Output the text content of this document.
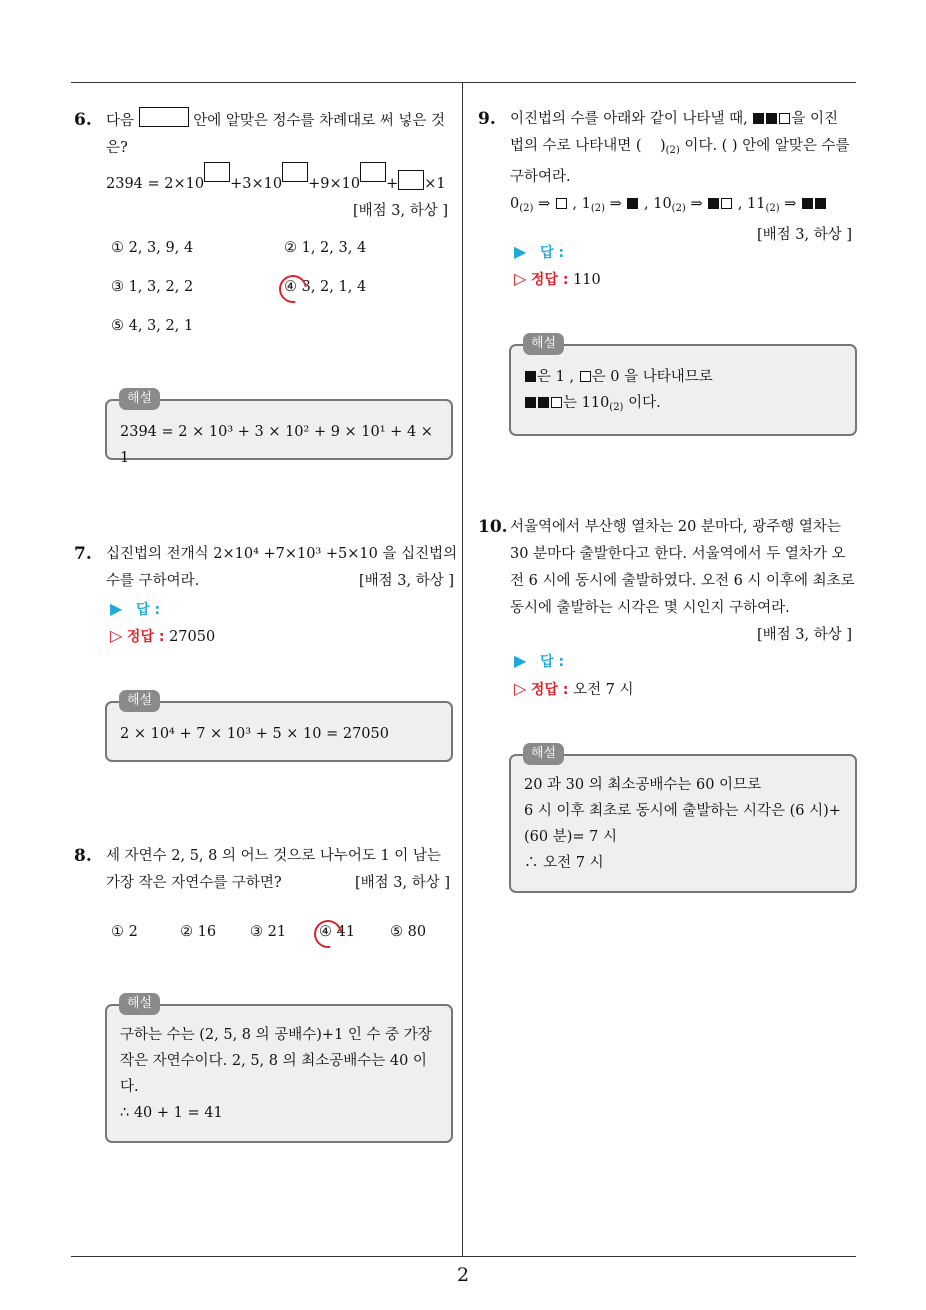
2
6. 다음	안에 알맞은 정수를 차례대로 써 넣은 것
은?
2394 = 2×10 +3×10 +9×10 + ×1
[배점 3, 하상 ]
① 2, 3, 9, 4	② 1, 2, 3, 4
③ 1, 3, 2, 2	④ 3, 2, 1, 4
⑤ 4, 3, 2, 1
2394 = 2 × 10³ + 3 × 10² + 9 × 10¹ + 4 × 1
해설
7. 십진법의 전개식 2×10⁴ +7×10³ +5×10 을 십진법의
수를 구하여라.	[배점 3, 하상 ]
▶ 답 :
▷ 정답 : 27050
2 × 10⁴ + 7 × 10³ + 5 × 10 = 27050
해설
8. 세 자연수 2, 5, 8 의 어느 것으로 나누어도 1 이 남는
가장 작은 자연수를 구하면?	[배점 3, 하상 ]
① 2	② 16 ③ 21 ④ 41 ⑤ 80
구하는 수는 (2, 5, 8 의 공배수)+1 인 수 중 가장
작은 자연수이다. 2, 5, 8 의 최소공배수는 40 이
다.
∴ 40 + 1 = 41
해설
9. 이진법의 수를 아래와 같이 나타낼 때,	을 이진
법의 수로 나타내면 ( )$_{(2)}$ 이다. ( ) 안에 알맞은 수를
구하여라.
$0_{(2)}$ ⇒  , $1_{(2)}$ ⇒  , $10_{(2)}$ ⇒  , $11_{(2)}$ ⇒
[배점 3, 하상 ]
▶ 답 :
▷ 정답 : 110
은 1 , 은 0 을 나타내므로
는 $110_{(2)}$ 이다.
해설
10. 서울역에서 부산행 열차는 20 분마다, 광주행 열차는
30 분마다 출발한다고 한다. 서울역에서 두 열차가 오
전 6 시에 동시에 출발하였다. 오전 6 시 이후에 최초로
동시에 출발하는 시각은 몇 시인지 구하여라.
[배점 3, 하상 ]
▶ 답 :
▷ 정답 : 오전 7 시
20 과 30 의 최소공배수는 60 이므로
6 시 이후 최초로 동시에 출발하는 시각은 (6 시)+
(60 분)= 7 시
∴ 오전 7 시
해설
